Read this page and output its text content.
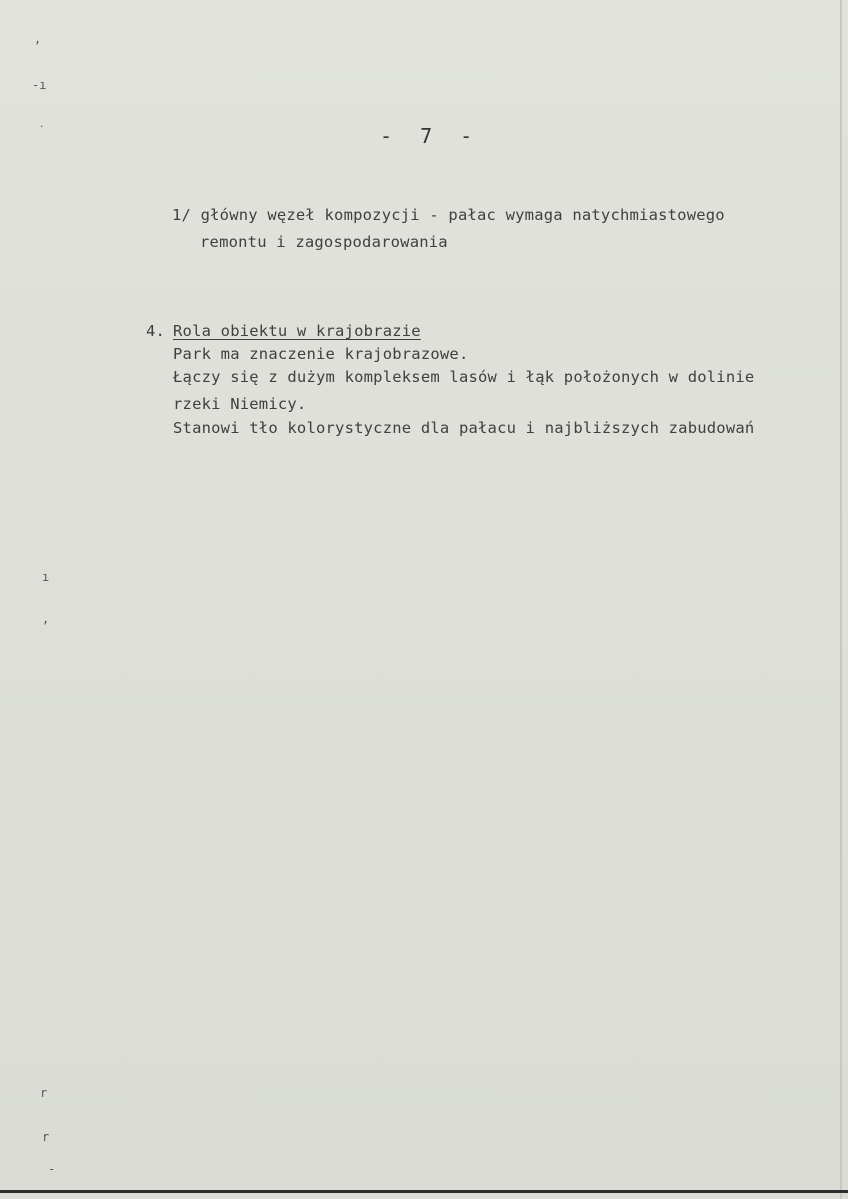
,
-ı
˙
ı
,
r
r
-
- 7 -
1/ główny węzeł kompozycji - pałac wymaga natychmiastowego
remontu i zagospodarowania
4. Rola obiektu w krajobrazie
Park ma znaczenie krajobrazowe.
Łączy się z dużym kompleksem lasów i łąk położonych w dolinie
rzeki Niemicy.
Stanowi tło kolorystyczne dla pałacu i najbliższych zabudowań
